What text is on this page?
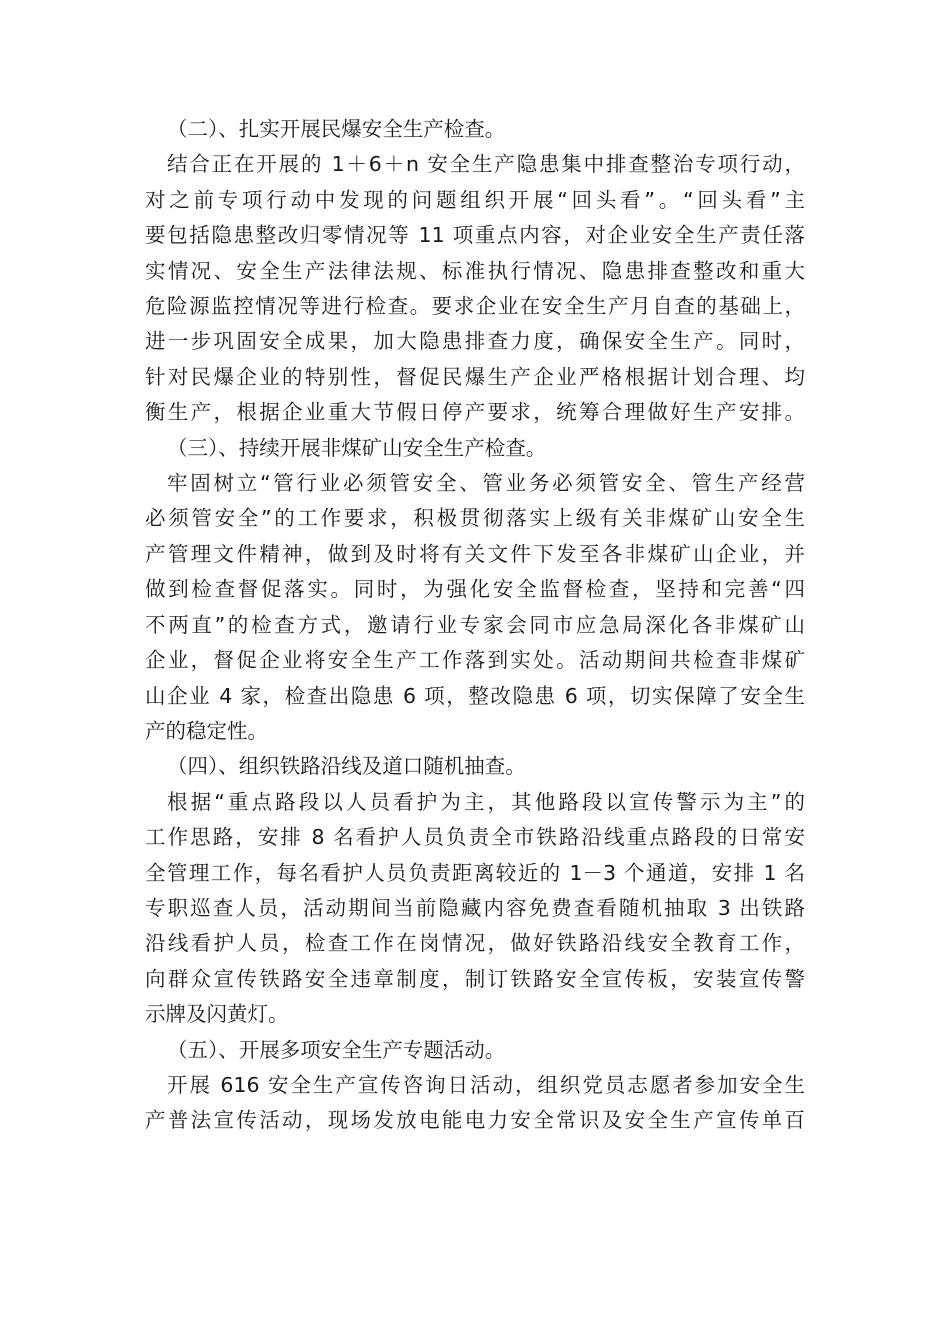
（二）、扎实开展民爆安全生产检查。

结合正在开展的 1＋6＋n 安全生产隐患集中排查整治专项行动，
对之前专项行动中发现的问题组织开展“回头看”。“回头看”主
要包括隐患整改归零情况等 11 项重点内容，对企业安全生产责任落
实情况、安全生产法律法规、标准执行情况、隐患排查整改和重大
危险源监控情况等进行检查。要求企业在安全生产月自查的基础上，
进一步巩固安全成果，加大隐患排查力度，确保安全生产。同时，
针对民爆企业的特别性，督促民爆生产企业严格根据计划合理、均
衡生产，根据企业重大节假日停产要求，统筹合理做好生产安排。

（三）、持续开展非煤矿山安全生产检查。

牢固树立“管行业必须管安全、管业务必须管安全、管生产经营
必须管安全”的工作要求，积极贯彻落实上级有关非煤矿山安全生
产管理文件精神，做到及时将有关文件下发至各非煤矿山企业，并
做到检查督促落实。同时，为强化安全监督检查，坚持和完善“四
不两直”的检查方式，邀请行业专家会同市应急局深化各非煤矿山
企业，督促企业将安全生产工作落到实处。活动期间共检查非煤矿
山企业 4 家，检查出隐患 6 项，整改隐患 6 项，切实保障了安全生
产的稳定性。

（四）、组织铁路沿线及道口随机抽查。

根据“重点路段以人员看护为主，其他路段以宣传警示为主”的
工作思路，安排 8 名看护人员负责全市铁路沿线重点路段的日常安
全管理工作，每名看护人员负责距离较近的 1－3 个通道，安排 1 名
专职巡查人员，活动期间当前隐藏内容免费查看随机抽取 3 出铁路
沿线看护人员，检查工作在岗情况，做好铁路沿线安全教育工作，
向群众宣传铁路安全违章制度，制订铁路安全宣传板，安装宣传警
示牌及闪黄灯。

（五）、开展多项安全生产专题活动。

开展 616 安全生产宣传咨询日活动，组织党员志愿者参加安全生
产普法宣传活动，现场发放电能电力安全常识及安全生产宣传单百
